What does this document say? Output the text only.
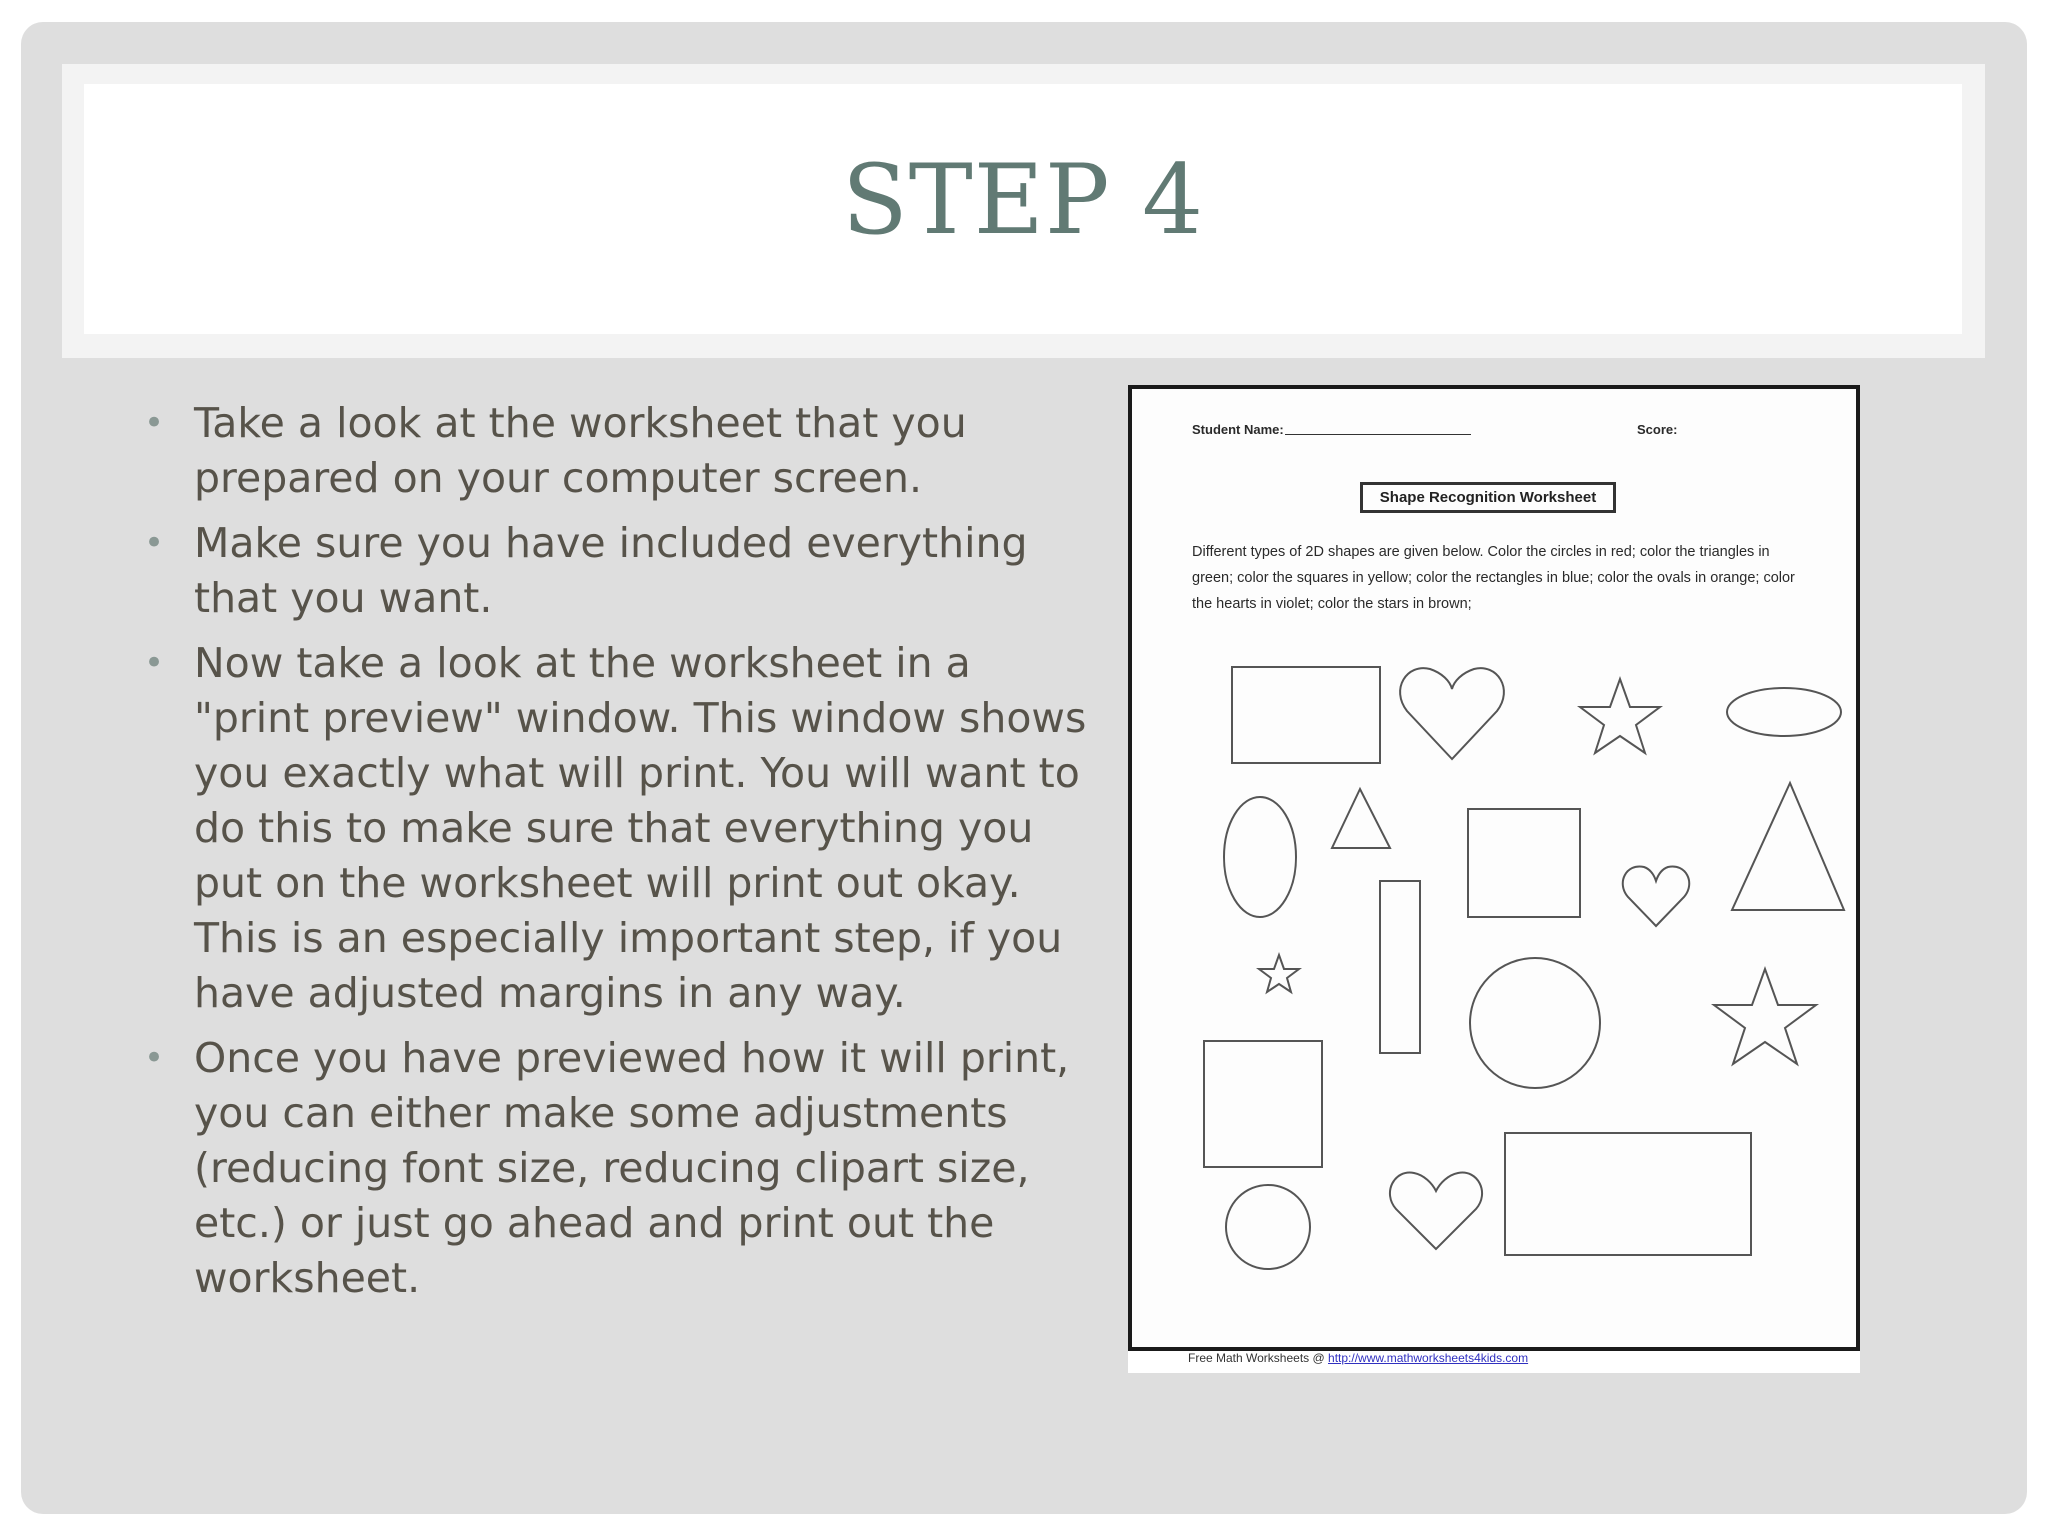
STEP 4
• Take a look at the worksheet that you prepared on your computer screen.
• Make sure you have included everything that you want.
• Now take a look at the worksheet in a "print preview" window. This window shows you exactly what will print. You will want to do this to make sure that everything you put on the worksheet will print out okay. This is an especially important step, if you have adjusted margins in any way.
• Once you have previewed how it will print, you can either make some adjustments (reducing font size, reducing clipart size, etc.) or just go ahead and print out the worksheet.
Student Name:	Score:
Shape Recognition Worksheet
Different types of 2D shapes are given below. Color the circles in red; color the triangles in green; color the squares in yellow; color the rectangles in blue; color the ovals in orange; color the hearts in violet; color the stars in brown;
Free Math Worksheets @ http://www.mathworksheets4kids.com
